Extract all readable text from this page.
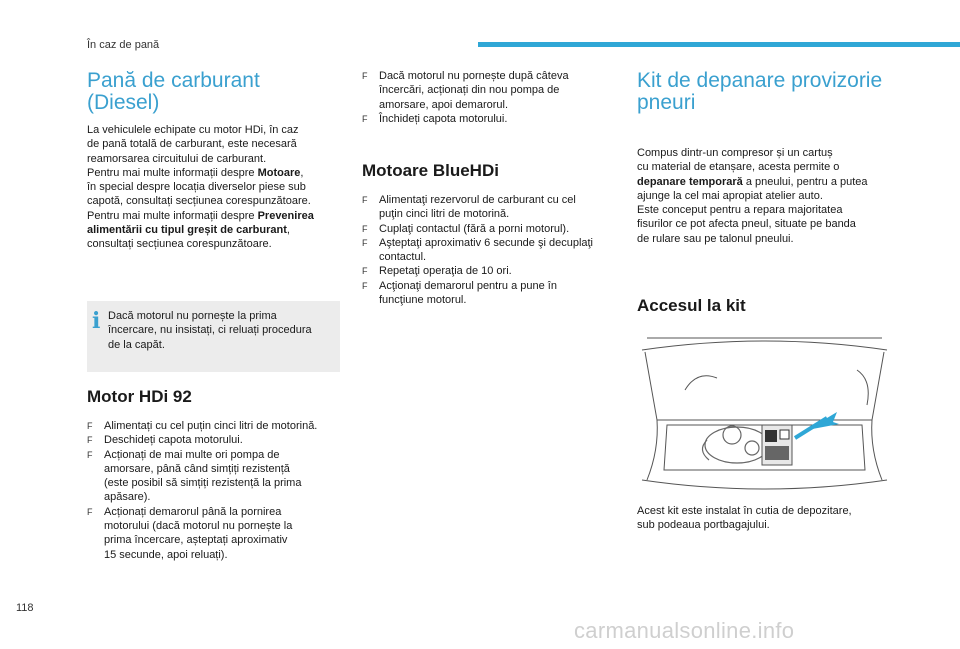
În caz de pană
Pană de carburant
(Diesel)

La vehiculele echipate cu motor HDi, în caz

de pană totală de carburant, este necesară

reamorsarea circuitului de carburant.

Pentru mai multe informații despre Motoare,

în special despre locația diverselor piese sub

capotă, consultați secțiunea corespunzătoare.

Pentru mai multe informații despre Prevenirea

alimentării cu tipul greșit de carburant,

consultați secțiunea corespunzătoare.

i Dacă motorul nu pornește la prima

încercare, nu insistați, ci reluați procedura

de la capăt.

Motor HDi 92
F Alimentați cu cel puțin cinci litri de motorină.
F Deschideți capota motorului.
F Acționați de mai multe ori pompa de
amorsare, până când simțiți rezistență
(este posibil să simțiți rezistență la prima
apăsare).
F Acționați demarorul până la pornirea
motorului (dacă motorul nu pornește la
prima încercare, așteptați aproximativ
15 secunde, apoi reluați).
F Dacă motorul nu pornește după câteva
încercări, acționați din nou pompa de
amorsare, apoi demarorul.
F Închideți capota motorului.
Motoare BlueHDi
F Alimentaţi rezervorul de carburant cu cel
puţin cinci litri de motorină.
F Cuplaţi contactul (fără a porni motorul).
F Aşteptaţi aproximativ 6 secunde şi decuplaţi
contactul.
F Repetaţi operaţia de 10 ori.
F Acţionaţi demarorul pentru a pune în
funcţiune motorul.
Kit de depanare provizorie
pneuri

Compus dintr-un compresor și un cartuș

cu material de etanșare, acesta permite o

depanare temporară a pneului, pentru a putea

ajunge la cel mai apropiat atelier auto.

Este conceput pentru a repara majoritatea

fisurilor ce pot afecta pneul, situate pe banda

de rulare sau pe talonul pneului.

Accesul la kit

Acest kit este instalat în cutia de depozitare,

sub podeaua portbagajului.

118
carmanualsonline.info
